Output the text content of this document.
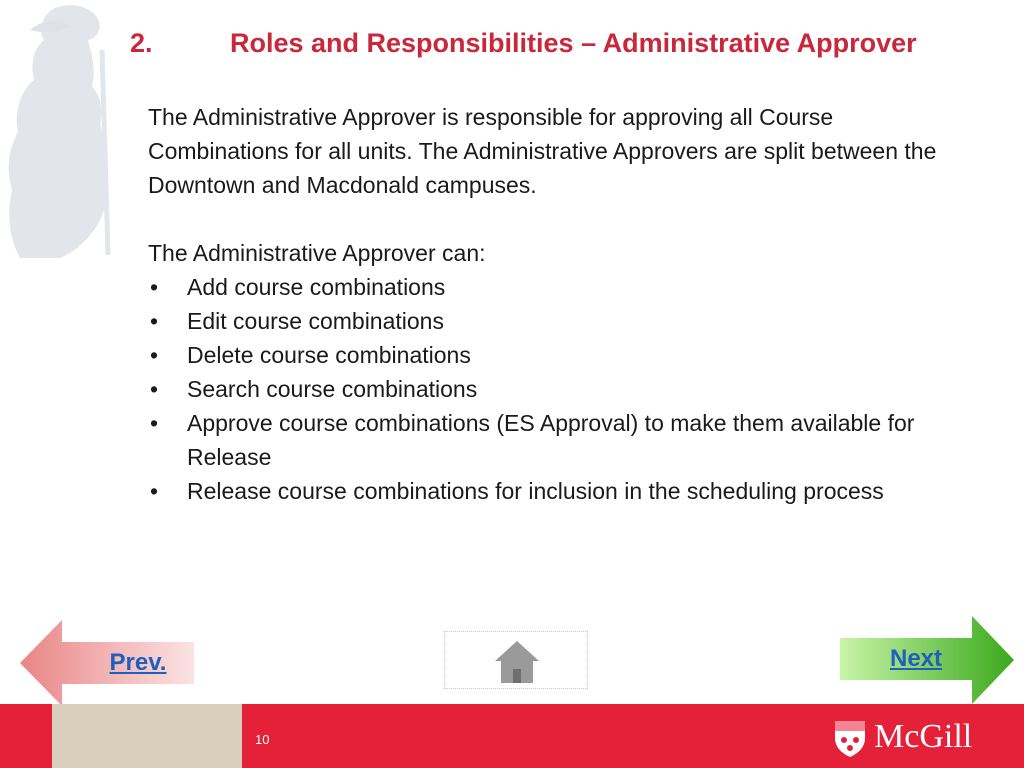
2.	Roles and Responsibilities – Administrative Approver

The Administrative Approver is responsible for approving all Course Combinations for all units. The Administrative Approvers are split between the Downtown and Macdonald campuses.

The Administrative Approver can:

• Add course combinations
• Edit course combinations
• Delete course combinations
• Search course combinations
• Approve course combinations (ES Approval) to make them available for Release
• Release course combinations for inclusion in the scheduling process
Prev.	Next
10	McGill
